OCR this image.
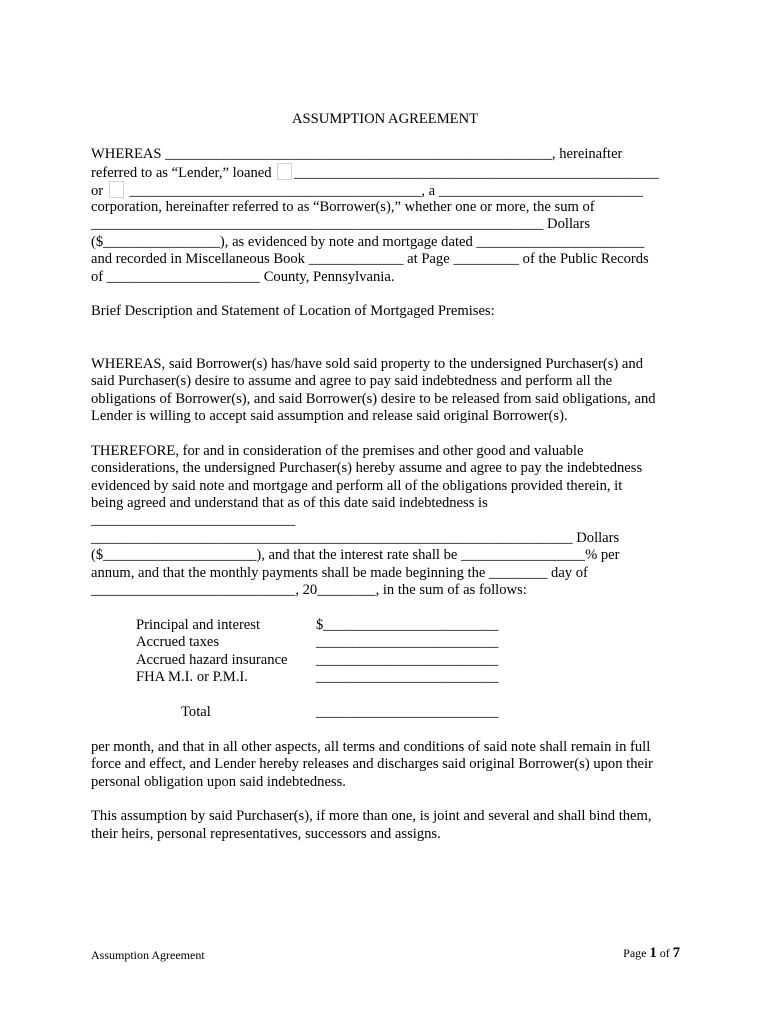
ASSUMPTION AGREEMENT
WHEREAS _____________________________________________________, hereinafter
referred to as “Lender,” loaned __________________________________________________
or ________________________________________, a ____________________________
corporation, hereinafter referred to as “Borrower(s),” whether one or more, the sum of
______________________________________________________________ Dollars
($________________), as evidenced by note and mortgage dated _______________________
and recorded in Miscellaneous Book _____________ at Page _________ of the Public Records
of _____________________ County, Pennsylvania.
Brief Description and Statement of Location of Mortgaged Premises:
WHEREAS, said Borrower(s) has/have sold said property to the undersigned Purchaser(s) and
said Purchaser(s) desire to assume and agree to pay said indebtedness and perform all the
obligations of Borrower(s), and said Borrower(s) desire to be released from said obligations, and
Lender is willing to accept said assumption and release said original Borrower(s).
THEREFORE, for and in consideration of the premises and other good and valuable
considerations, the undersigned Purchaser(s) hereby assume and agree to pay the indebtedness
evidenced by said note and mortgage and perform all of the obligations provided therein, it
being agreed and understand that as of this date said indebtedness is
____________________________
__________________________________________________________________ Dollars
($_____________________), and that the interest rate shall be _________________% per
annum, and that the monthly payments shall be made beginning the ________ day of
____________________________, 20________, in the sum of as follows:
Principal and interest	$________________________
Accrued taxes	_________________________
Accrued hazard insurance _________________________
FHA M.I. or P.M.I.	_________________________
Total	_________________________
per month, and that in all other aspects, all terms and conditions of said note shall remain in full
force and effect, and Lender hereby releases and discharges said original Borrower(s) upon their
personal obligation upon said indebtedness.
This assumption by said Purchaser(s), if more than one, is joint and several and shall bind them,
their heirs, personal representatives, successors and assigns.
Assumption Agreement	Page 1 of 7
